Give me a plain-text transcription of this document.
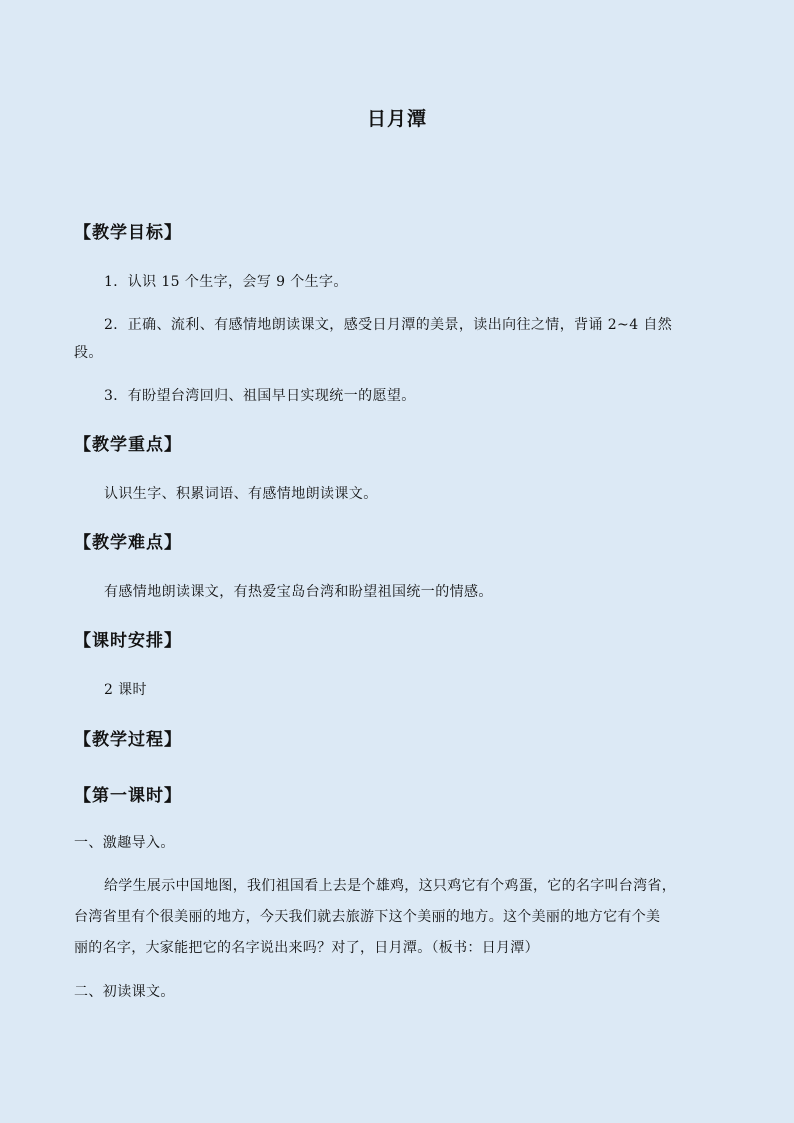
日月潭
【教学目标】
1．认识 15 个生字，会写 9 个生字。
2．正确、流利、有感情地朗读课文，感受日月潭的美景，读出向往之情，背诵 2~4 自然
段。
3．有盼望台湾回归、祖国早日实现统一的愿望。
【教学重点】
认识生字、积累词语、有感情地朗读课文。
【教学难点】
有感情地朗读课文，有热爱宝岛台湾和盼望祖国统一的情感。
【课时安排】
2 课时
【教学过程】
【第一课时】
一、激趣导入。
给学生展示中国地图，我们祖国看上去是个雄鸡，这只鸡它有个鸡蛋，它的名字叫台湾省，
台湾省里有个很美丽的地方，今天我们就去旅游下这个美丽的地方。这个美丽的地方它有个美
丽的名字，大家能把它的名字说出来吗？对了，日月潭。（板书：日月潭）
二、初读课文。
